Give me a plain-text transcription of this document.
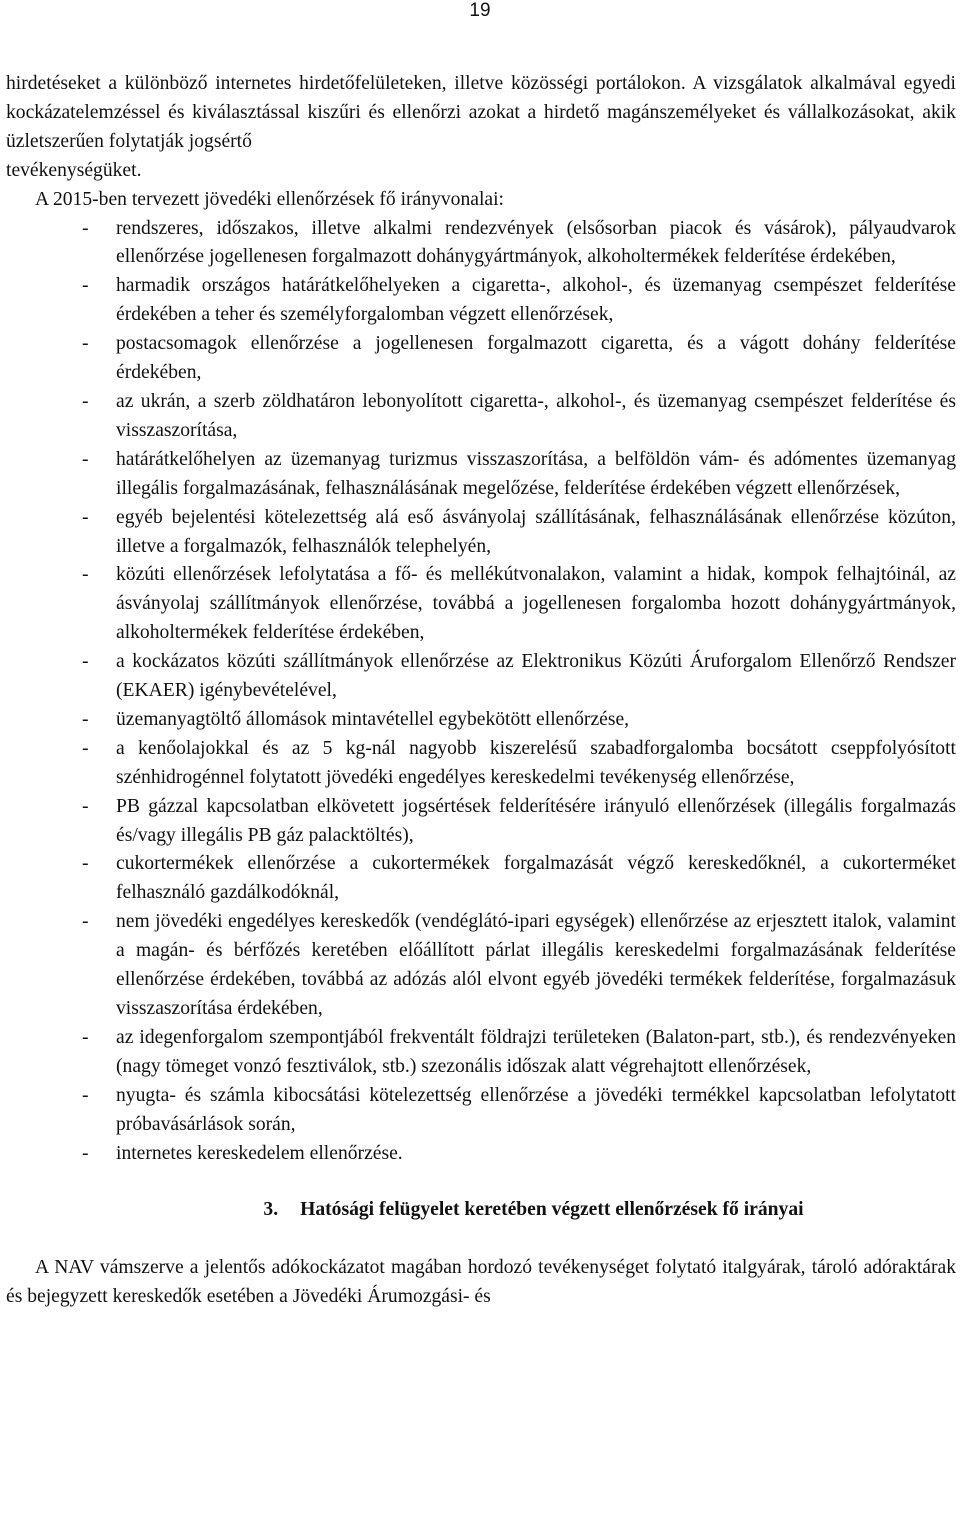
19

hirdetéseket a különböző internetes hirdetőfelületeken, illetve közösségi portálokon. A vizsgálatok alkalmával egyedi kockázatelemzéssel és kiválasztással kiszűri és ellenőrzi azokat a hirdető magánszemélyeket és vállalkozásokat, akik üzletszerűen folytatják jogsértő

tevékenységüket.

A 2015-ben tervezett jövedéki ellenőrzések fő irányvonalai:

- rendszeres, időszakos, illetve alkalmi rendezvények (elsősorban piacok és vásárok), pályaudvarok ellenőrzése jogellenesen forgalmazott dohánygyártmányok, alkoholtermékek felderítése érdekében,
- harmadik országos határátkelőhelyeken a cigaretta-, alkohol-, és üzemanyag csempészet felderítése érdekében a teher és személyforgalomban végzett ellenőrzések,
- postacsomagok ellenőrzése a jogellenesen forgalmazott cigaretta, és a vágott dohány felderítése érdekében,
- az ukrán, a szerb zöldhatáron lebonyolított cigaretta-, alkohol-, és üzemanyag csempészet felderítése és visszaszorítása,
- határátkelőhelyen az üzemanyag turizmus visszaszorítása, a belföldön vám- és adómentes üzemanyag illegális forgalmazásának, felhasználásának megelőzése, felderítése érdekében végzett ellenőrzések,
- egyéb bejelentési kötelezettség alá eső ásványolaj szállításának, felhasználásának ellenőrzése közúton, illetve a forgalmazók, felhasználók telephelyén,
- közúti ellenőrzések lefolytatása a fő- és mellékútvonalakon, valamint a hidak, kompok felhajtóinál, az ásványolaj szállítmányok ellenőrzése, továbbá a jogellenesen forgalomba hozott dohánygyártmányok, alkoholtermékek felderítése érdekében,
- a kockázatos közúti szállítmányok ellenőrzése az Elektronikus Közúti Áruforgalom Ellenőrző Rendszer (EKAER) igénybevételével,
- üzemanyagtöltő állomások mintavétellel egybekötött ellenőrzése,
- a kenőolajokkal és az 5 kg-nál nagyobb kiszerelésű szabadforgalomba bocsátott cseppfolyósított szénhidrogénnel folytatott jövedéki engedélyes kereskedelmi tevékenység ellenőrzése,
- PB gázzal kapcsolatban elkövetett jogsértések felderítésére irányuló ellenőrzések (illegális forgalmazás és/vagy illegális PB gáz palacktöltés),
- cukortermékek ellenőrzése a cukortermékek forgalmazását végző kereskedőknél, a cukorterméket felhasználó gazdálkodóknál,
- nem jövedéki engedélyes kereskedők (vendéglátó-ipari egységek) ellenőrzése az erjesztett italok, valamint a magán- és bérfőzés keretében előállított párlat illegális kereskedelmi forgalmazásának felderítése ellenőrzése érdekében, továbbá az adózás alól elvont egyéb jövedéki termékek felderítése, forgalmazásuk visszaszorítása érdekében,
- az idegenforgalom szempontjából frekventált földrajzi területeken (Balaton-part, stb.), és rendezvényeken (nagy tömeget vonzó fesztiválok, stb.) szezonális időszak alatt végrehajtott ellenőrzések,
- nyugta- és számla kibocsátási kötelezettség ellenőrzése a jövedéki termékkel kapcsolatban lefolytatott próbavásárlások során,
- internetes kereskedelem ellenőrzése.
3. Hatósági felügyelet keretében végzett ellenőrzések fő irányai

A NAV vámszerve a jelentős adókockázatot magában hordozó tevékenységet folytató italgyárak, tároló adóraktárak és bejegyzett kereskedők esetében a Jövedéki Árumozgási- és
